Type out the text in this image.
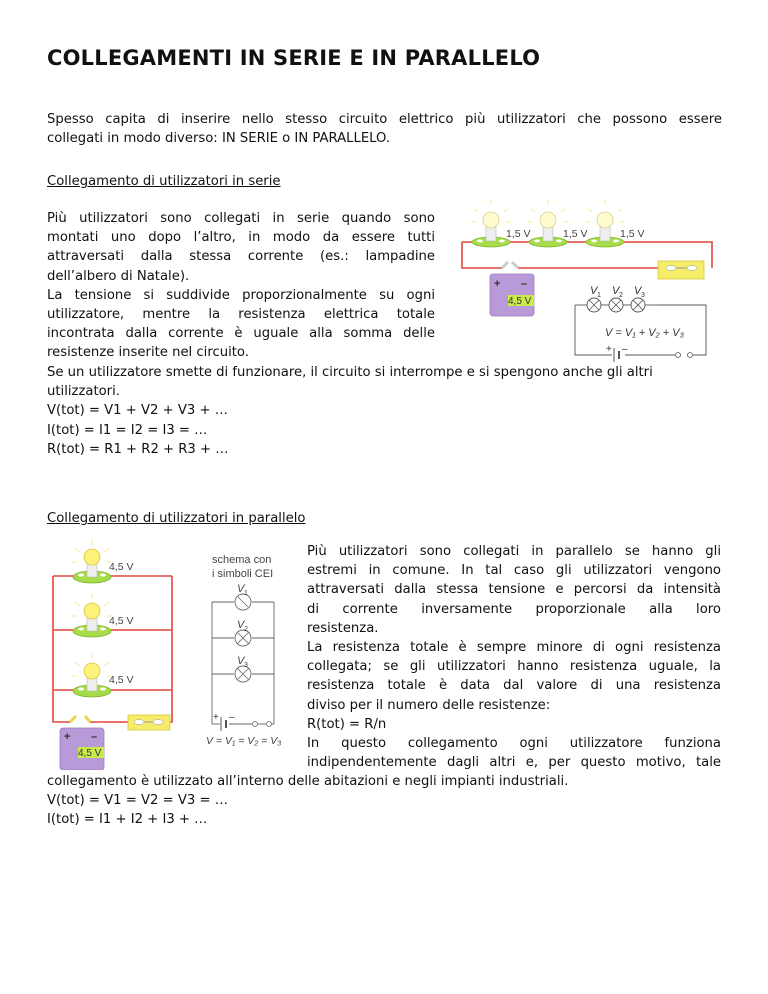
COLLEGAMENTI IN SERIE E IN PARALLELO
Spesso capita di inserire nello stesso circuito elettrico più utilizzatori che possono essere
collegati in modo diverso: IN SERIE o IN PARALLELO.
Collegamento di utilizzatori in serie
Più utilizzatori sono collegati in serie quando sono
montati uno dopo l’altro, in modo da essere tutti
attraversati dalla stessa corrente (es.: lampadine
dell’albero di Natale).
La tensione si suddivide proporzionalmente su ogni
utilizzatore, mentre la resistenza elettrica totale
incontrata dalla corrente è uguale alla somma delle
resistenze inserite nel circuito.
Se un utilizzatore smette di funzionare, il circuito si interrompe e si spengono anche gli altri
utilizzatori.
V(tot) = V1 + V2 + V3 + …
I(tot) = I1 = I2 = I3 = …
R(tot) = R1 + R2 + R3 + …
1,5 V	1,5 V	1,5 V
+ –
4,5 V
V 1 V 2 V 3
V = V₁ + V₂ + V₃
+ –
Collegamento di utilizzatori in parallelo
Più utilizzatori sono collegati in parallelo se hanno gli
estremi in comune. In tal caso gli utilizzatori vengono
attraversati dalla stessa tensione e percorsi da intensità
di corrente inversamente proporzionale alla loro
resistenza.
La resistenza totale è sempre minore di ogni resistenza
collegata; se gli utilizzatori hanno resistenza uguale, la
resistenza totale è data dal valore di una resistenza
diviso per il numero delle resistenze:
R(tot) = R/n
In questo collegamento ogni utilizzatore funziona
indipendentemente dagli altri e, per questo motivo, tale
collegamento è utilizzato all’interno delle abitazioni e negli impianti industriali.
V(tot) = V1 = V2 = V3 = …
I(tot) = I1 + I2 + I3 + …
4,5 V
4,5 V
4,5 V
+ –
4,5 V
schema con
i simboli CEI
V 1
V 2
V 3
+ –
V = V₁ = V₂ = V₃
